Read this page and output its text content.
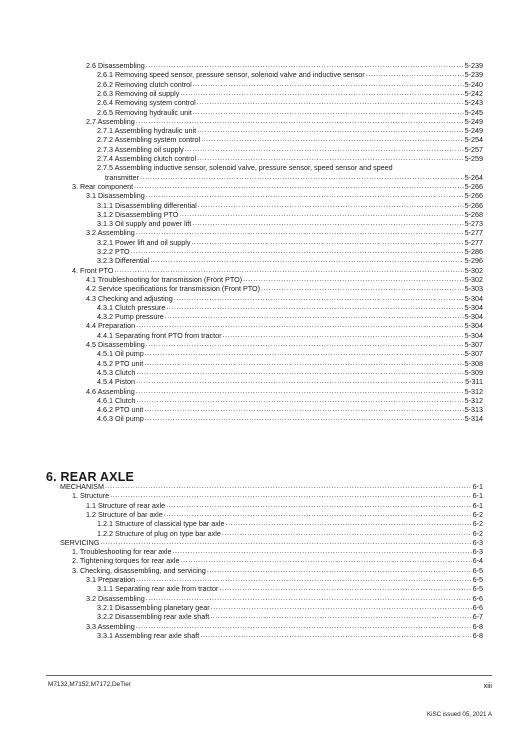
2.6 Disassembling .....	5-239
2.6.1 Removing speed sensor, pressure sensor, solenoid valve and inductive sensor .....	5-239
2.6.2 Removing clutch control .....	5-240
2.6.3 Removing oil supply .....	5-242
2.6.4 Removing system control .....	5-243
2.6.5 Removing hydraulic unit .....	5-245
2.7 Assembling .....	5-249
2.7.1 Assembling hydraulic unit .....	5-249
2.7.2 Assembling system control .....	5-254
2.7.3 Assembling oil supply .....	5-257
2.7.4 Assembling clutch control .....	5-259
2.7.5 Assembling inductive sensor, solenoid valve, pressure sensor, speed sensor and speed
transmitter .....	5-264
3. Rear component .....	5-266
3.1 Disassembling .....	5-266
3.1.1 Disassembling differential .....	5-266
3.1.2 Disassembling PTO .....	5-268
3.1.3 Oil supply and power lift .....	5-273
3.2 Assembling .....	5-277
3.2.1 Power lift and oil supply .....	5-277
3.2.2 PTO .....	5-286
3.2.3 Differential .....	5-296
4. Front PTO .....	5-302
4.1 Troubleshooting for transmission (Front PTO) .....	5-302
4.2 Service specifications for transmission (Front PTO) .....	5-303
4.3 Checking and adjusting .....	5-304
4.3.1 Clutch pressure .....	5-304
4.3.2 Pump pressure .....	5-304
4.4 Preparation .....	5-304
4.4.1 Separating front PTO from tractor .....	5-304
4.5 Disassembling .....	5-307
4.5.1 Oil pump .....	5-307
4.5.2 PTO unit .....	5-308
4.5.3 Clutch .....	5-309
4.5.4 Piston .....	5-311
4.6 Assembling .....	5-312
4.6.1 Clutch .....	5-312
4.6.2 PTO unit .....	5-313
4.6.3 Oil pump .....	5-314
6. REAR AXLE
MECHANISM .....	6-1
1. Structure .....	6-1
1.1 Structure of rear axle .....	6-1
1.2 Structure of bar axle .....	6-2
1.2.1 Structure of classical type bar axle .....	6-2
1.2.2 Structure of plug on type bar axle .....	6-2
SERVICING .....	6-3
1. Troubleshooting for rear axle .....	6-3
2. Tightening torques for rear axle .....	6-4
3. Checking, disassembling, and servicing .....	6-5
3.1 Preparation .....	6-5
3.1.1 Separating rear axle from tractor .....	6-5
3.2 Disassembling .....	6-6
3.2.1 Disassembling planetary gear .....	6-6
3.2.2 Disassembling rear axle shaft .....	6-7
3.3 Assembling .....	6-8
3.3.1 Assembling rear axle shaft .....	6-8
M7132,M7152,M7172,DeTier	xiii
KiSC issued 05, 2021 A
